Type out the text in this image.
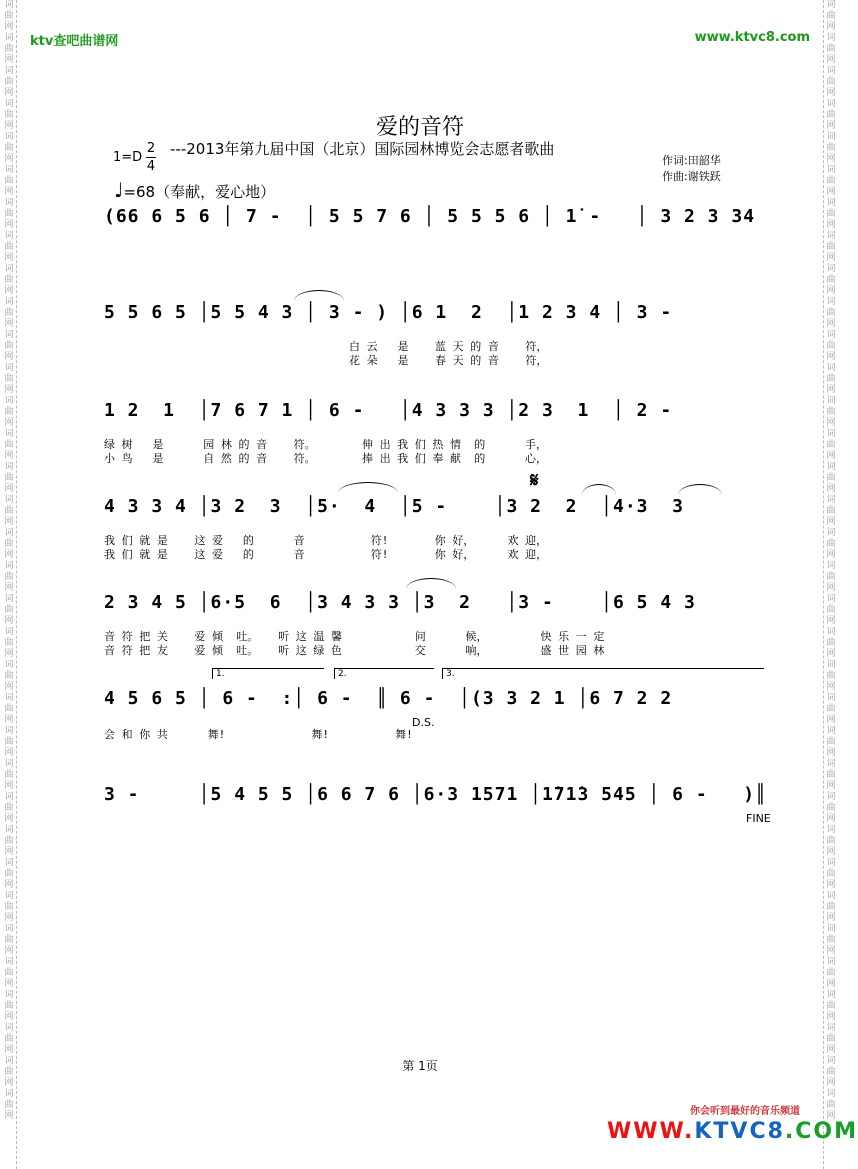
词
曲
网
词
曲
网
词
曲
网
词
曲
网
词
曲
网
词
曲
网
词
曲
网
词
曲
网
词
曲
网
词
曲
网
词
曲
网
词
曲
网
词
曲
网
词
曲
网
词
曲
网
词
曲
网
词
曲
网
词
曲
网
词
曲
网
词
曲
网
词
曲
网
词
曲
网
词
曲
网
词
曲
网
词
曲
网
词
曲
网
词
曲
网
词
曲
网
词
曲
网
词
曲
网
词
曲
网
词
曲
网
词
曲
网
词
曲
网
词
曲
网
词
曲
网
词
曲
网
词
曲
网
词
曲
网
词
曲
网
词
曲
网
词
曲
网
词
曲
网
词
曲
网
词
曲
网
词
曲
网
词
曲
网
词
曲
网
词
曲
网
词
曲
网
词
曲
网
词
曲
网
词
曲
网
词
曲
网
词
曲
网
词
曲
网
词
曲
网
词
曲
网
词
曲
网
词
曲
网
词
曲
网
词
曲
网
词
曲
网
词
曲
网
词
曲
网
词
曲
网
词
曲
网
词
曲
网
ktv查吧曲谱网	www.ktvc8.com
爱的音符
---2013年第九届中国（北京）国际园林博览会志愿者歌曲
1=D
2
4	作词:田韶华
作曲:谢铁跃
♩=68（奉献，爱心地）
(66 6 5 6 │ 7 -  │ 5 5 7 6 │ 5 5 5 6 │ 1̇ -   │ 3 2 3 34
5 5 6 5 │5 5 4 3 │ 3 - ) │6 1  2  │1 2 3 4 │ 3 -
白 云   是    蓝 天 的 音    符，
花 朵   是    春 天 的 音    符，
1 2  1  │7 6 7 1 │ 6 -   │4 3 3 3 │2 3  1  │ 2 -
绿 树   是      园 林 的 音    符。       伸 出 我 们 热 情  的      手，
小 鸟   是      自 然 的 音    符。       捧 出 我 们 奉 献  的      心，
𝄋
4 3 3 4 │3 2  3  │5·  4  │5 -    │3 2  2  │4·3  3
我 们 就 是    这 爱   的      音          符!       你 好，     欢 迎，
我 们 就 是    这 爱   的      音          符!       你 好，     欢 迎，
2 3 4 5 │6·5  6  │3 4 3 3 │3  2   │3 -    │6 5 4 3
音 符 把 关    爱 倾  吐。   听 这 温 馨           问      候，        快 乐 一 定
音 符 把 友    爱 倾  吐。   听 这 绿 色           交      响，        盛 世 园 林
1.	2.	3.
4 5 6 5 │ 6 -  :│ 6 -  ║ 6 -  │(3 3 2 1 │6 7 2 2
D.S.
会 和 你 共      舞!             舞!          舞!
3 -     │5 4 5 5 │6 6 7 6 │6·3 1571 │1̇71̇3 545 │ 6 -   )║
FINE
第 1页
你会听到最好的音乐频道
WWW.KTVC8.COM
